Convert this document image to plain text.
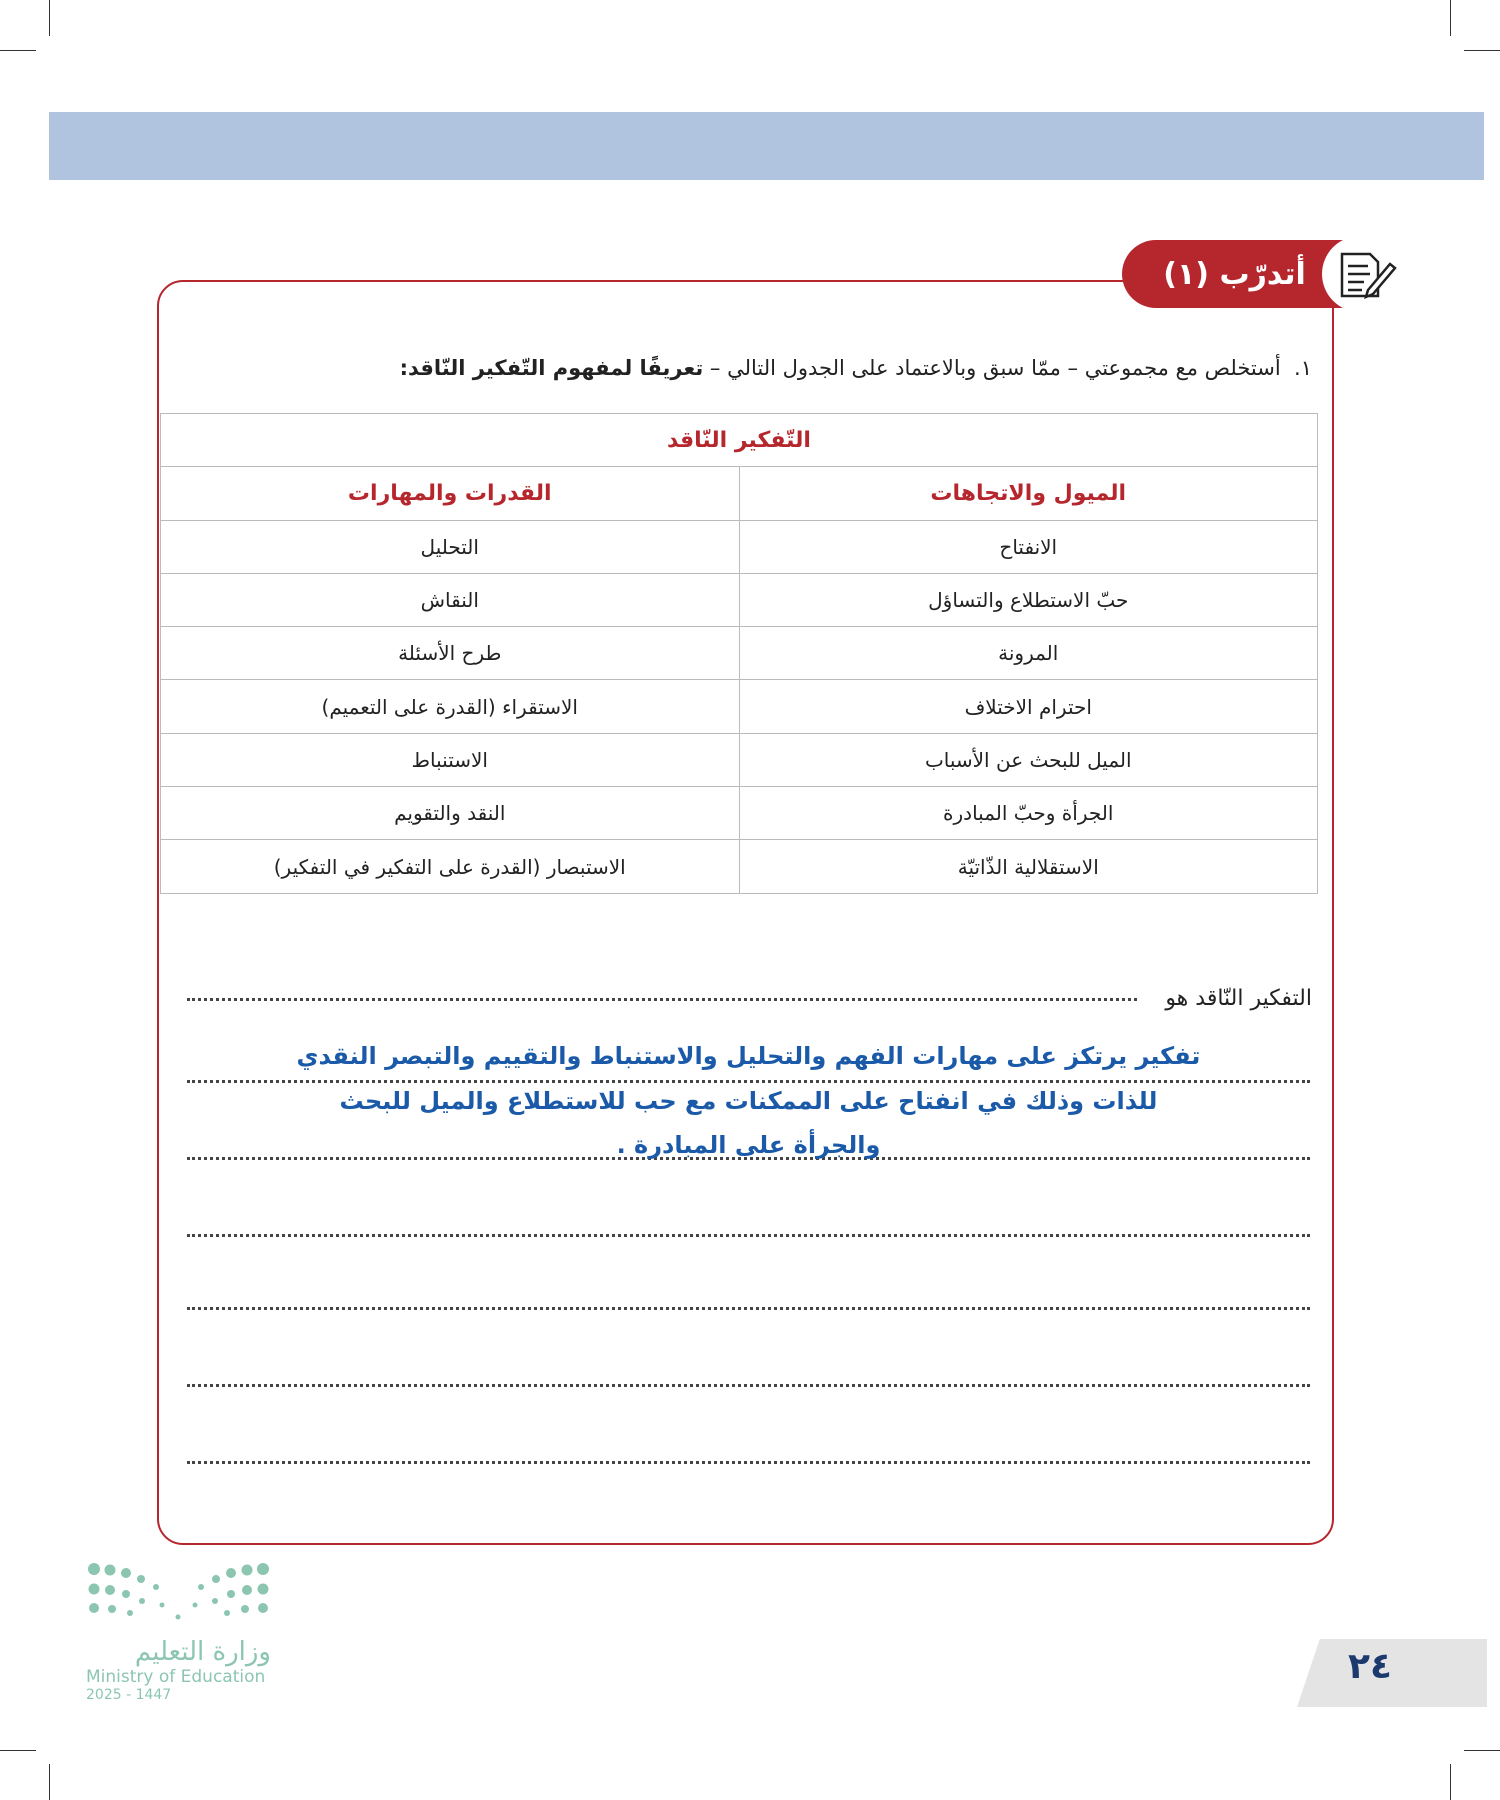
أتدرّب (١)
١.  أستخلص مع مجموعتي – ممّا سبق وبالاعتماد على الجدول التالي – تعريفًا لمفهوم التّفكير النّاقد:
التّفكير النّاقد	
الميول والاتجاهات	القدرات والمهارات
الانفتاح	التحليل
حبّ الاستطلاع والتساؤل	النقاش
المرونة	طرح الأسئلة
احترام الاختلاف	الاستقراء (القدرة على التعميم)
الميل للبحث عن الأسباب	الاستنباط
الجرأة وحبّ المبادرة	النقد والتقويم
الاستقلالية الذّاتيّة	الاستبصار (القدرة على التفكير في التفكير)
التفكير النّاقد هو
تفكير يرتكز على مهارات الفهم والتحليل والاستنباط والتقييم والتبصر النقدي
للذات وذلك في انفتاح على الممكنات مع حب للاستطلاع والميل للبحث
والجرأة على المبادرة .
وزارة التعليم
Ministry of Education
2025 - 1447
٢٤
